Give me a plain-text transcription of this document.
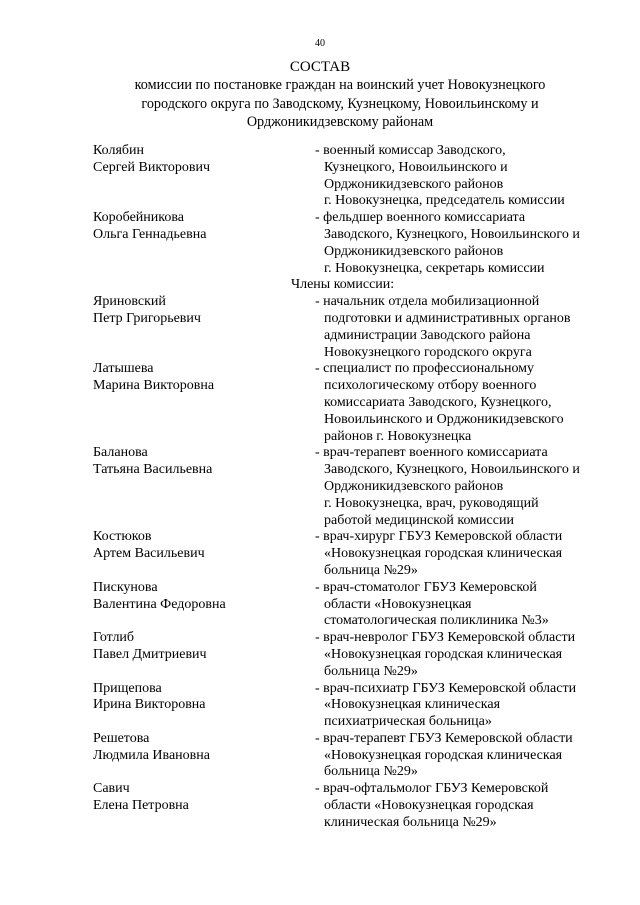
40
СОСТАВ
комиссии по постановке граждан на воинский учет Новокузнецкого
городского округа по Заводскому, Кузнецкому, Новоильинскому и
Орджоникидзевскому районам
Колябин
Сергей Викторович
- военный комиссар Заводского,
Кузнецкого, Новоильинского и
Орджоникидзевского районов
г. Новокузнецка, председатель комиссии
Коробейникова
Ольга Геннадьевна
- фельдшер военного комиссариата
Заводского, Кузнецкого, Новоильинского и
Орджоникидзевского районов
г. Новокузнецка, секретарь комиссии
Члены комиссии:
Яриновский
Петр Григорьевич
- начальник отдела мобилизационной
подготовки и административных органов
администрации Заводского района
Новокузнецкого городского округа
Латышева
Марина Викторовна
- специалист по профессиональному
психологическому отбору военного
комиссариата Заводского, Кузнецкого,
Новоильинского и Орджоникидзевского
районов г. Новокузнецка
Баланова
Татьяна Васильевна
- врач-терапевт военного комиссариата
Заводского, Кузнецкого, Новоильинского и
Орджоникидзевского районов
г. Новокузнецка, врач, руководящий
работой медицинской комиссии
Костюков
Артем Васильевич
- врач-хирург ГБУЗ Кемеровской области
«Новокузнецкая городская клиническая
больница №29»
Пискунова
Валентина Федоровна
- врач-стоматолог ГБУЗ Кемеровской
области «Новокузнецкая
стоматологическая поликлиника №3»
Готлиб
Павел Дмитриевич
- врач-невролог ГБУЗ Кемеровской области
«Новокузнецкая городская клиническая
больница №29»
Прищепова
Ирина Викторовна
- врач-психиатр ГБУЗ Кемеровской области
«Новокузнецкая клиническая
психиатрическая больница»
Решетова
Людмила Ивановна
- врач-терапевт ГБУЗ Кемеровской области
«Новокузнецкая городская клиническая
больница №29»
Савич
Елена Петровна
- врач-офтальмолог ГБУЗ Кемеровской
области «Новокузнецкая городская
клиническая больница №29»
